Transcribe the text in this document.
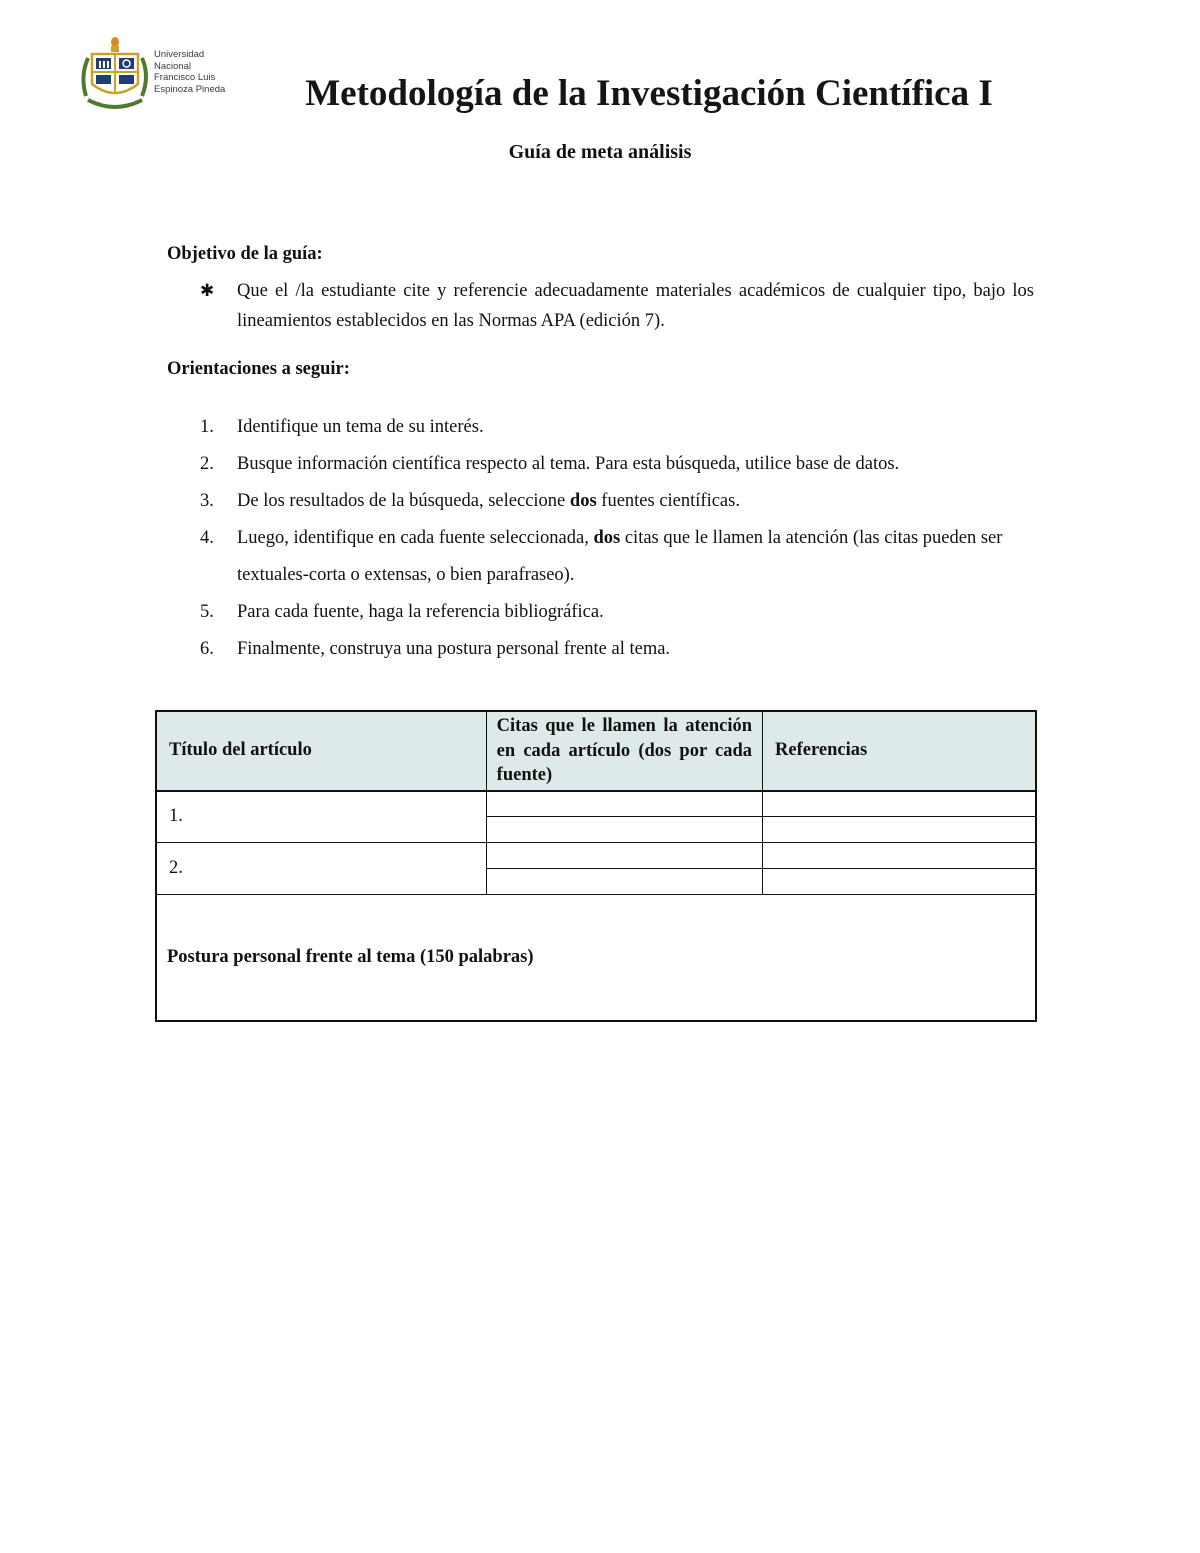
Universidad
Nacional
Francisco Luis
Espinoza Pineda	Metodología de la Investigación Científica I
Guía de meta análisis
Objetivo de la guía:
✱ Que el /la estudiante cite y referencie adecuadamente materiales académicos de cualquier tipo, bajo los lineamientos establecidos en las Normas APA (edición 7).
Orientaciones a seguir:
1. Identifique un tema de su interés.
2. Busque información científica respecto al tema. Para esta búsqueda, utilice base de datos.
3. De los resultados de la búsqueda, seleccione dos fuentes científicas.
4. Luego, identifique en cada fuente seleccionada, dos citas que le llamen la atención (las citas pueden ser textuales-corta o extensas, o bien parafraseo).
5. Para cada fuente, haga la referencia bibliográfica.
6. Finalmente, construya una postura personal frente al tema.
Título del artículo	Citas que le llamen la atención en cada artículo (dos por cada fuente)	Referencias
1.		

2.		

Postura personal frente al tema (150 palabras)		
